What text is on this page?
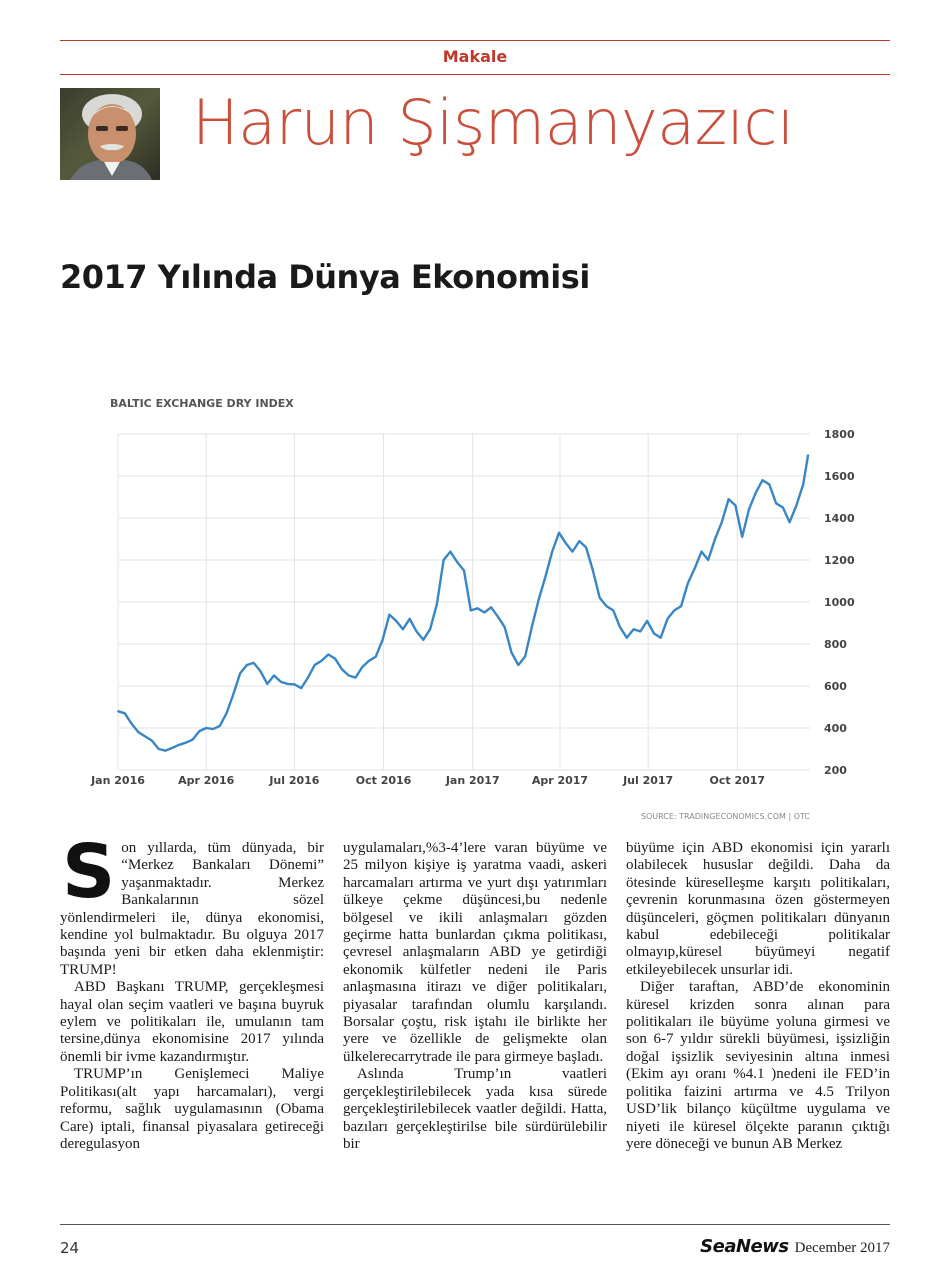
Makale
Harun Şişmanyazıcı
2017 Yılında Dünya Ekonomisi
BALTIC EXCHANGE DRY INDEX
200
400
600
800
1000
1200
1400
1600
1800
Jan 2016	Apr 2016	Jul 2016	Oct 2016	Jan 2017	Apr 2017	Jul 2017	Oct 2017
SOURCE: TRADINGECONOMICS.COM | OTC

Son yıllarda, tüm dünyada, bir “Merkez Bankaları Dönemi” yaşanmaktadır. Merkez Bankalarının sözel yönlendirmeleri ile, dünya ekonomisi, kendine yol bulmaktadır. Bu olguya 2017 başında yeni bir etken daha eklenmiştir: TRUMP!

ABD Başkanı TRUMP, gerçekleşmesi hayal olan seçim vaatleri ve başına buyruk eylem ve politikaları ile, umulanın tam tersine,dünya ekonomisine 2017 yılında önemli bir ivme kazandırmıştır.

TRUMP’ın Genişlemeci Maliye Politikası(alt yapı harcamaları), vergi reformu, sağlık uygulamasının (Obama Care) iptali, finansal piyasalara getireceği deregulasyon

uygulamaları,%3-4’lere varan büyüme ve 25 milyon kişiye iş yaratma vaadi, askeri harcamaları artırma ve yurt dışı yatırımları ülkeye çekme düşüncesi,bu nedenle bölgesel ve ikili anlaşmaları gözden geçirme hatta bunlardan çıkma politikası, çevresel anlaşmaların ABD ye getirdiği ekonomik külfetler nedeni ile Paris anlaşmasına itirazı ve diğer politikaları, piyasalar tarafından olumlu karşılandı. Borsalar çoştu, risk iştahı ile birlikte her yere ve özellikle de gelişmekte olan ülkelerecarrytrade ile para girmeye başladı.

Aslında Trump’ın vaatleri gerçekleştirilebilecek yada kısa sürede gerçekleştirilebilecek vaatler değildi. Hatta, bazıları gerçekleştirilse bile sürdürülebilir bir

büyüme için ABD ekonomisi için yararlı olabilecek hususlar değildi. Daha da ötesinde küreselleşme karşıtı politikaları, çevrenin korunmasına özen göstermeyen düşünceleri, göçmen politikaları dünyanın kabul edebileceği politikalar olmayıp,küresel büyümeyi negatif etkileyebilecek unsurlar idi.

Diğer taraftan, ABD’de ekonominin küresel krizden sonra alınan para politikaları ile büyüme yoluna girmesi ve son 6-7 yıldır sürekli büyümesi, işsizliğin doğal işsizlik seviyesinin altına inmesi (Ekim ayı oranı %4.1 )nedeni ile FED’in politika faizini artırma ve 4.5 Trilyon USD’lik bilanço küçültme uygulama ve niyeti ile küresel ölçekte paranın çıktığı yere döneceği ve bunun AB Merkez

24	SeaNews December 2017
